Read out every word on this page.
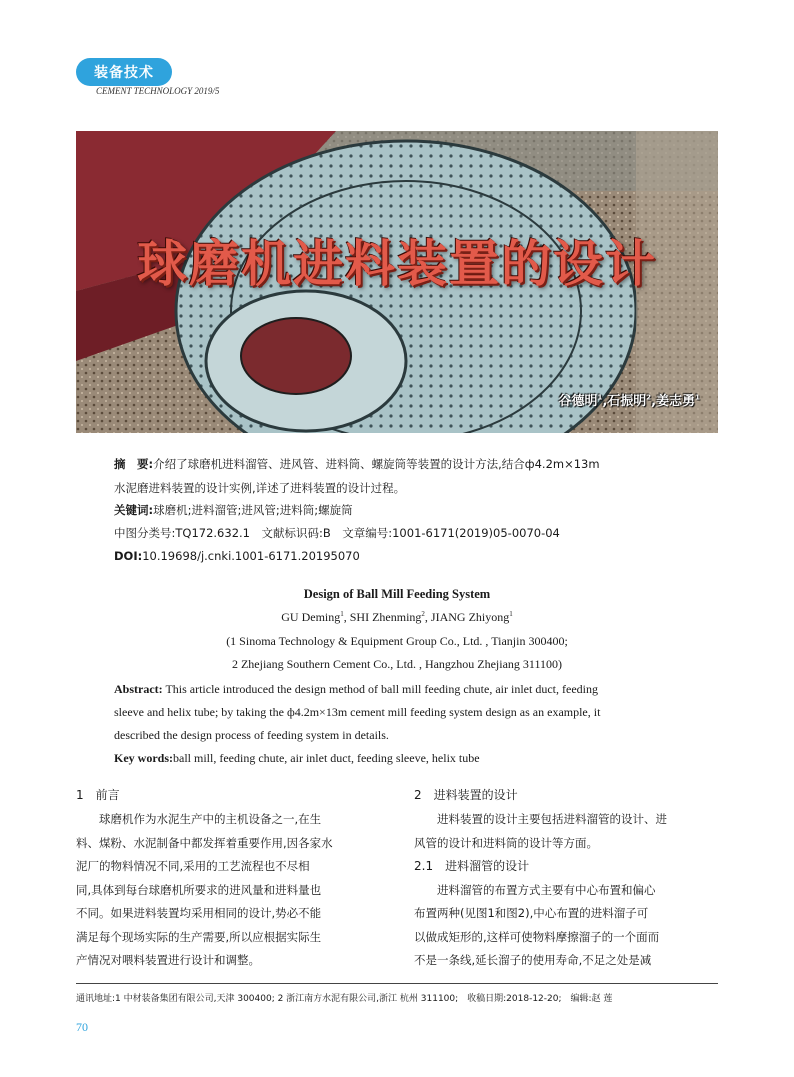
装备技术
CEMENT TECHNOLOGY 2019/5
球磨机进料装置的设计
谷德明$^1$,石振明$^2$,姜志勇$^1$
摘　要:介绍了球磨机进料溜管、进风管、进料筒、螺旋筒等装置的设计方法,结合ф4.2m×13m
水泥磨进料装置的设计实例,详述了进料装置的设计过程。
关键词:球磨机;进料溜管;进风管;进料筒;螺旋筒
中图分类号:TQ172.632.1　文献标识码:B　文章编号:1001-6171(2019)05-0070-04
DOI:10.19698/j.cnki.1001-6171.20195070
Design of Ball Mill Feeding System
GU Deming$^1$, SHI Zhenming$^2$, JIANG Zhiyong$^1$
(1 Sinoma Technology & Equipment Group Co., Ltd. , Tianjin 300400;
2 Zhejiang Southern Cement Co., Ltd. , Hangzhou Zhejiang 311100)
Abstract: This article introduced the design method of ball mill feeding chute, air inlet duct, feeding
sleeve and helix tube; by taking the ф4.2m×13m cement mill feeding system design as an example, it
described the design process of feeding system in details.
Key words:ball mill, feeding chute, air inlet duct, feeding sleeve, helix tube
1　前言
　　球磨机作为水泥生产中的主机设备之一,在生
料、煤粉、水泥制备中都发挥着重要作用,因各家水
泥厂的物料情况不同,采用的工艺流程也不尽相
同,具体到每台球磨机所要求的进风量和进料量也
不同。如果进料装置均采用相同的设计,势必不能
满足每个现场实际的生产需要,所以应根据实际生
产情况对喂料装置进行设计和调整。
2　进料装置的设计
　　进料装置的设计主要包括进料溜管的设计、进
风管的设计和进料筒的设计等方面。
2.1　进料溜管的设计
　　进料溜管的布置方式主要有中心布置和偏心
布置两种(见图1和图2),中心布置的进料溜子可
以做成矩形的,这样可使物料摩擦溜子的一个面而
不是一条线,延长溜子的使用寿命,不足之处是减
通讯地址:1 中材装备集团有限公司,天津 300400; 2 浙江南方水泥有限公司,浙江 杭州 311100;　收稿日期:2018-12-20;　编辑:赵 莲
70
